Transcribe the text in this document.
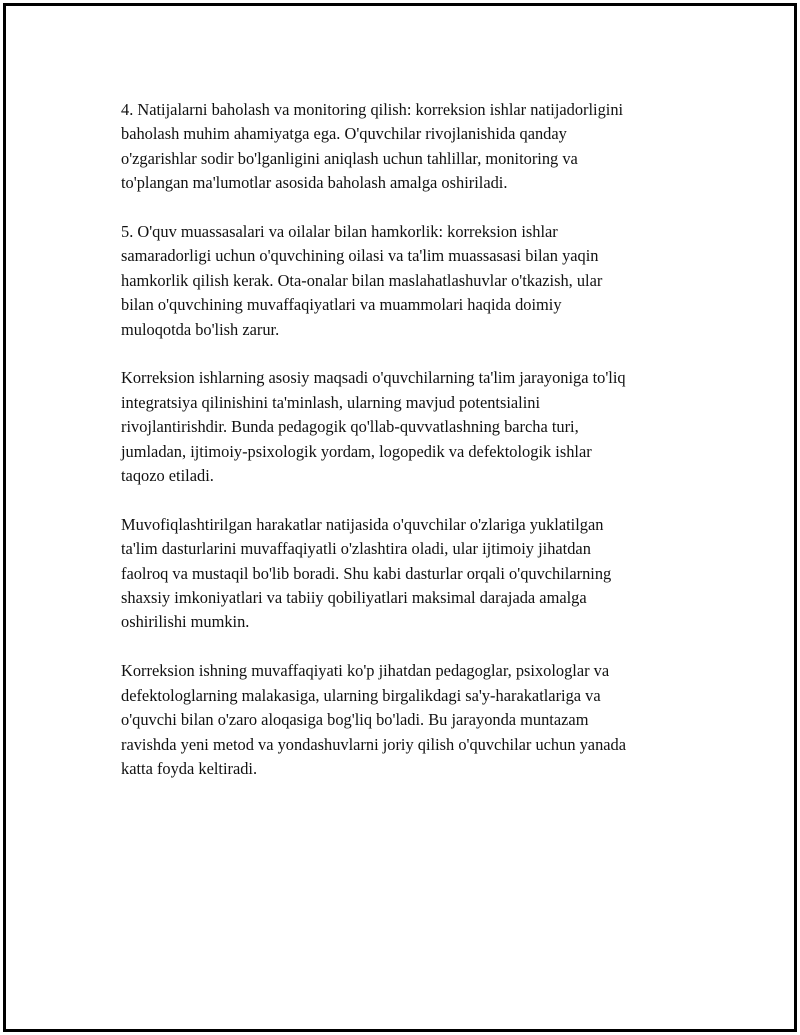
4. Natijalarni baholash va monitoring qilish: korreksion ishlar natijadorligini
baholash muhim ahamiyatga ega. O'quvchilar rivojlanishida qanday
o'zgarishlar sodir bo'lganligini aniqlash uchun tahlillar, monitoring va
to'plangan ma'lumotlar asosida baholash amalga oshiriladi.

5. O'quv muassasalari va oilalar bilan hamkorlik: korreksion ishlar
samaradorligi uchun o'quvchining oilasi va ta'lim muassasasi bilan yaqin
hamkorlik qilish kerak. Ota-onalar bilan maslahatlashuvlar o'tkazish, ular
bilan o'quvchining muvaffaqiyatlari va muammolari haqida doimiy
muloqotda bo'lish zarur.

Korreksion ishlarning asosiy maqsadi o'quvchilarning ta'lim jarayoniga to'liq
integratsiya qilinishini ta'minlash, ularning mavjud potentsialini
rivojlantirishdir. Bunda pedagogik qo'llab-quvvatlashning barcha turi,
jumladan, ijtimoiy-psixologik yordam, logopedik va defektologik ishlar
taqozo etiladi.

Muvofiqlashtirilgan harakatlar natijasida o'quvchilar o'zlariga yuklatilgan
ta'lim dasturlarini muvaffaqiyatli o'zlashtira oladi, ular ijtimoiy jihatdan
faolroq va mustaqil bo'lib boradi. Shu kabi dasturlar orqali o'quvchilarning
shaxsiy imkoniyatlari va tabiiy qobiliyatlari maksimal darajada amalga
oshirilishi mumkin.

Korreksion ishning muvaffaqiyati ko'p jihatdan pedagoglar, psixologlar va
defektologlarning malakasiga, ularning birgalikdagi sa'y-harakatlariga va
o'quvchi bilan o'zaro aloqasiga bog'liq bo'ladi. Bu jarayonda muntazam
ravishda yeni metod va yondashuvlarni joriy qilish o'quvchilar uchun yanada
katta foyda keltiradi.
